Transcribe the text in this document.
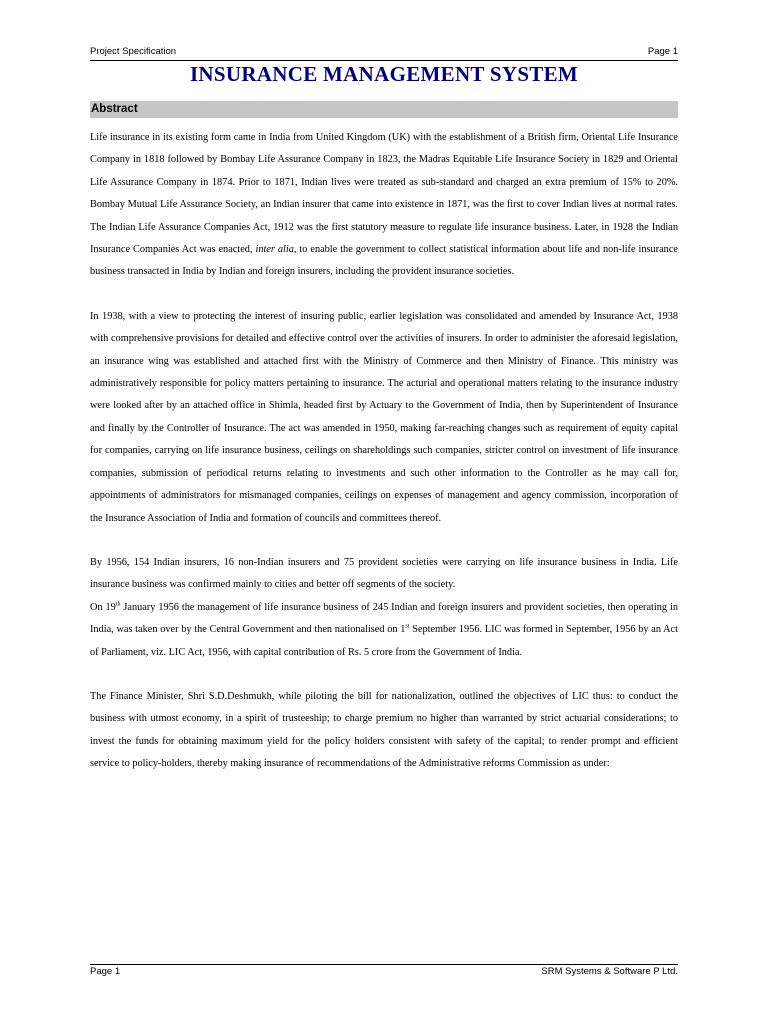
Project Specification	Page 1
INSURANCE MANAGEMENT SYSTEM
Abstract

Life insurance in its existing form came in India from United Kingdom (UK) with the establishment of a British firm, Oriental Life Insurance Company in 1818 followed by Bombay Life Assurance Company in 1823, the Madras Equitable Life Insurance Society in 1829 and Oriental Life Assurance Company in 1874. Prior to 1871, Indian lives were treated as sub-standard and charged an extra premium of 15% to 20%. Bombay Mutual Life Assurance Society, an Indian insurer that came into existence in 1871, was the first to cover Indian lives at normal rates. The Indian Life Assurance Companies Act, 1912 was the first statutory measure to regulate life insurance business. Later, in 1928 the Indian Insurance Companies Act was enacted, inter alia, to enable the government to collect statistical information about life and non-life insurance business transacted in India by Indian and foreign insurers, including the provident insurance societies.

In 1938, with a view to protecting the interest of insuring public, earlier legislation was consolidated and amended by Insurance Act, 1938 with comprehensive provisions for detailed and effective control over the activities of insurers. In order to administer the aforesaid legislation, an insurance wing was established and attached first with the Ministry of Commerce and then Ministry of Finance. This ministry was administratively responsible for policy matters pertaining to insurance. The acturial and operational matters relating to the insurance industry were looked after by an attached office in Shimla, headed first by Actuary to the Government of India, then by Superintendent of Insurance and finally by the Controller of Insurance. The act was amended in 1950, making far-reaching changes such as requirement of equity capital for companies, carrying on life insurance business, ceilings on shareholdings such companies, stricter control on investment of life insurance companies, submission of periodical returns relating to investments and such other information to the Controller as he may call for, appointments of administrators for mismanaged companies, ceilings on expenses of management and agency commission, incorporation of the Insurance Association of India and formation of councils and committees thereof.

By 1956, 154 Indian insurers, 16 non-Indian insurers and 75 provident societies were carrying on life insurance business in India. Life insurance business was confirmed mainly to cities and better off segments of the society.

On 19th January 1956 the management of life insurance business of 245 Indian and foreign insurers and provident societies, then operating in India, was taken over by the Central Government and then nationalised on 1st September 1956. LIC was formed in September, 1956 by an Act of Parliament, viz. LIC Act, 1956, with capital contribution of Rs. 5 crore from the Government of India.

The Finance Minister, Shri S.D.Deshmukh, while piloting the bill for nationalization, outlined the objectives of LIC thus: to conduct the business with utmost economy, in a spirit of trusteeship; to charge premium no higher than warranted by strict actuarial considerations; to invest the funds for obtaining maximum yield for the policy holders consistent with safety of the capital; to render prompt and efficient service to policy-holders, thereby making insurance of recommendations of the Administrative reforms Commission as under:

Page 1	SRM Systems & Software P Ltd.
